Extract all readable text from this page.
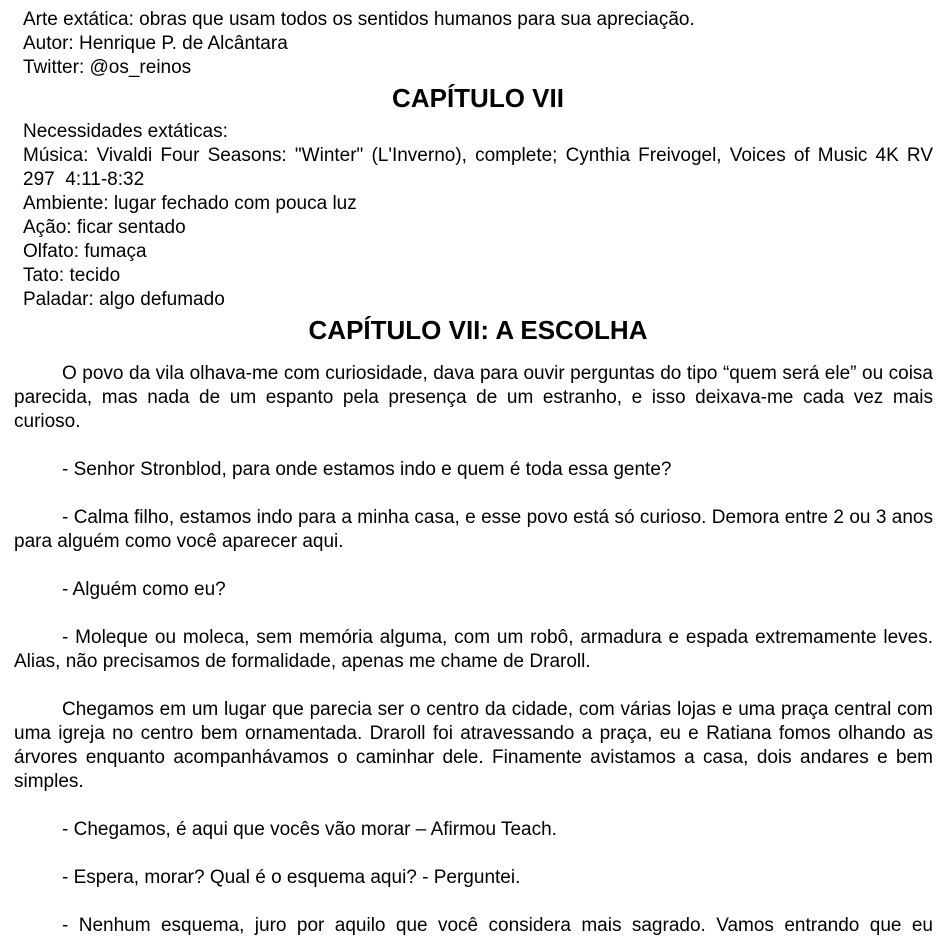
Arte extática: obras que usam todos os sentidos humanos para sua apreciação.

Autor: Henrique P. de Alcântara

Twitter: @os_reinos

CAPÍTULO VII

Necessidades extáticas:

Música: Vivaldi Four Seasons: "Winter" (L'Inverno), complete; Cynthia Freivogel, Voices of Music 4K RV 297  4:11-8:32

Ambiente: lugar fechado com pouca luz

Ação: ficar sentado

Olfato: fumaça

Tato: tecido

Paladar: algo defumado

CAPÍTULO VII: A ESCOLHA

O povo da vila olhava-me com curiosidade, dava para ouvir perguntas do tipo “quem será ele” ou coisa parecida, mas nada de um espanto pela presença de um estranho, e isso deixava-me cada vez mais curioso.

- Senhor Stronblod, para onde estamos indo e quem é toda essa gente?

- Calma filho, estamos indo para a minha casa, e esse povo está só curioso. Demora entre 2 ou 3 anos para alguém como você aparecer aqui.

- Alguém como eu?

- Moleque ou moleca, sem memória alguma, com um robô, armadura e espada extremamente leves. Alias, não precisamos de formalidade, apenas me chame de Draroll.

Chegamos em um lugar que parecia ser o centro da cidade, com várias lojas e uma praça central com uma igreja no centro bem ornamentada. Draroll foi atravessando a praça, eu e Ratiana fomos olhando as árvores enquanto acompanhávamos o caminhar dele. Finamente avistamos a casa, dois andares e bem simples.

- Chegamos, é aqui que vocês vão morar – Afirmou Teach.

- Espera, morar? Qual é o esquema aqui? - Perguntei.

- Nenhum esquema, juro por aquilo que você considera mais sagrado. Vamos entrando que eu
